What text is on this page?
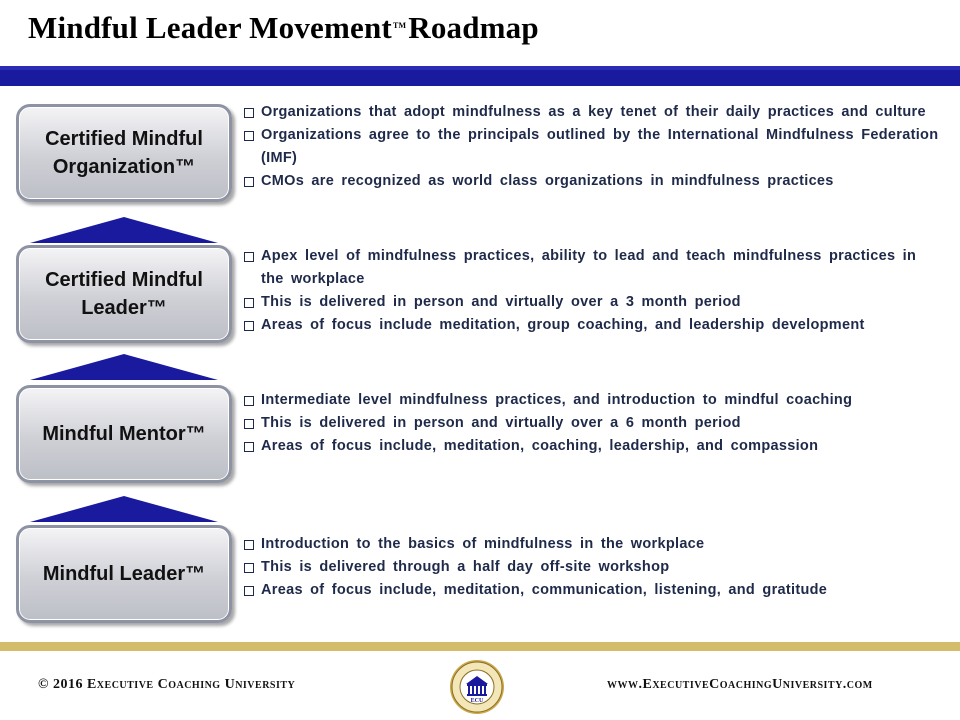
Mindful Leader Movement™Roadmap
Certified Mindful
Organization™
Organizations that adopt mindfulness as a key tenet of their daily practices and culture
Organizations agree to the principals outlined by the International Mindfulness Federation (IMF)
CMOs are recognized as world class organizations in mindfulness practices
Certified Mindful
Leader™
Apex level of mindfulness practices, ability to lead and teach mindfulness practices in the workplace
This is delivered in person and virtually over a 3 month period
Areas of focus include meditation, group coaching, and leadership development
Mindful Mentor™
Intermediate level mindfulness practices, and introduction to mindful coaching
This is delivered in person and virtually over a 6 month period
Areas of focus include, meditation, coaching, leadership, and compassion
Mindful Leader™
Introduction to the basics of mindfulness in the workplace
This is delivered through a half day off-site workshop
Areas of focus include, meditation, communication, listening, and gratitude
© 2016 Executive Coaching University
ECU
www.ExecutiveCoachingUniversity.com
